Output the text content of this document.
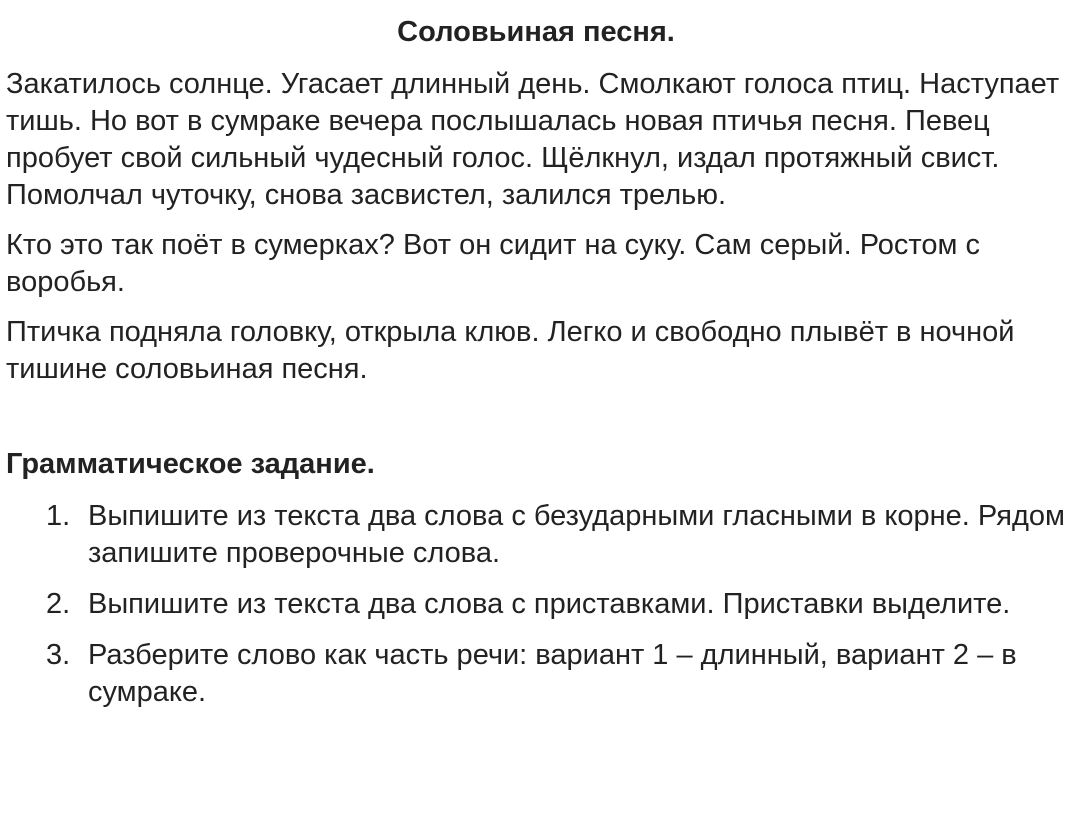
Соловьиная песня.

Закатилось солнце. Угасает длинный день. Смолкают голоса птиц. Наступает тишь. Но вот в сумраке вечера послышалась новая птичья песня. Певец пробует свой сильный чудесный голос. Щёлкнул, издал протяжный свист. Помолчал чуточку, снова засвистел, залился трелью.

Кто это так поёт в сумерках? Вот он сидит на суку. Сам серый. Ростом с воробья.

Птичка подняла головку, открыла клюв. Легко и свободно плывёт в ночной тишине соловьиная песня.

Грамматическое задание.
1. Выпишите из текста два слова с безударными гласными в корне. Рядом запишите проверочные слова.
2. Выпишите из текста два слова с приставками. Приставки выделите.
3. Разберите слово как часть речи: вариант 1 – длинный, вариант 2 – в сумраке.
